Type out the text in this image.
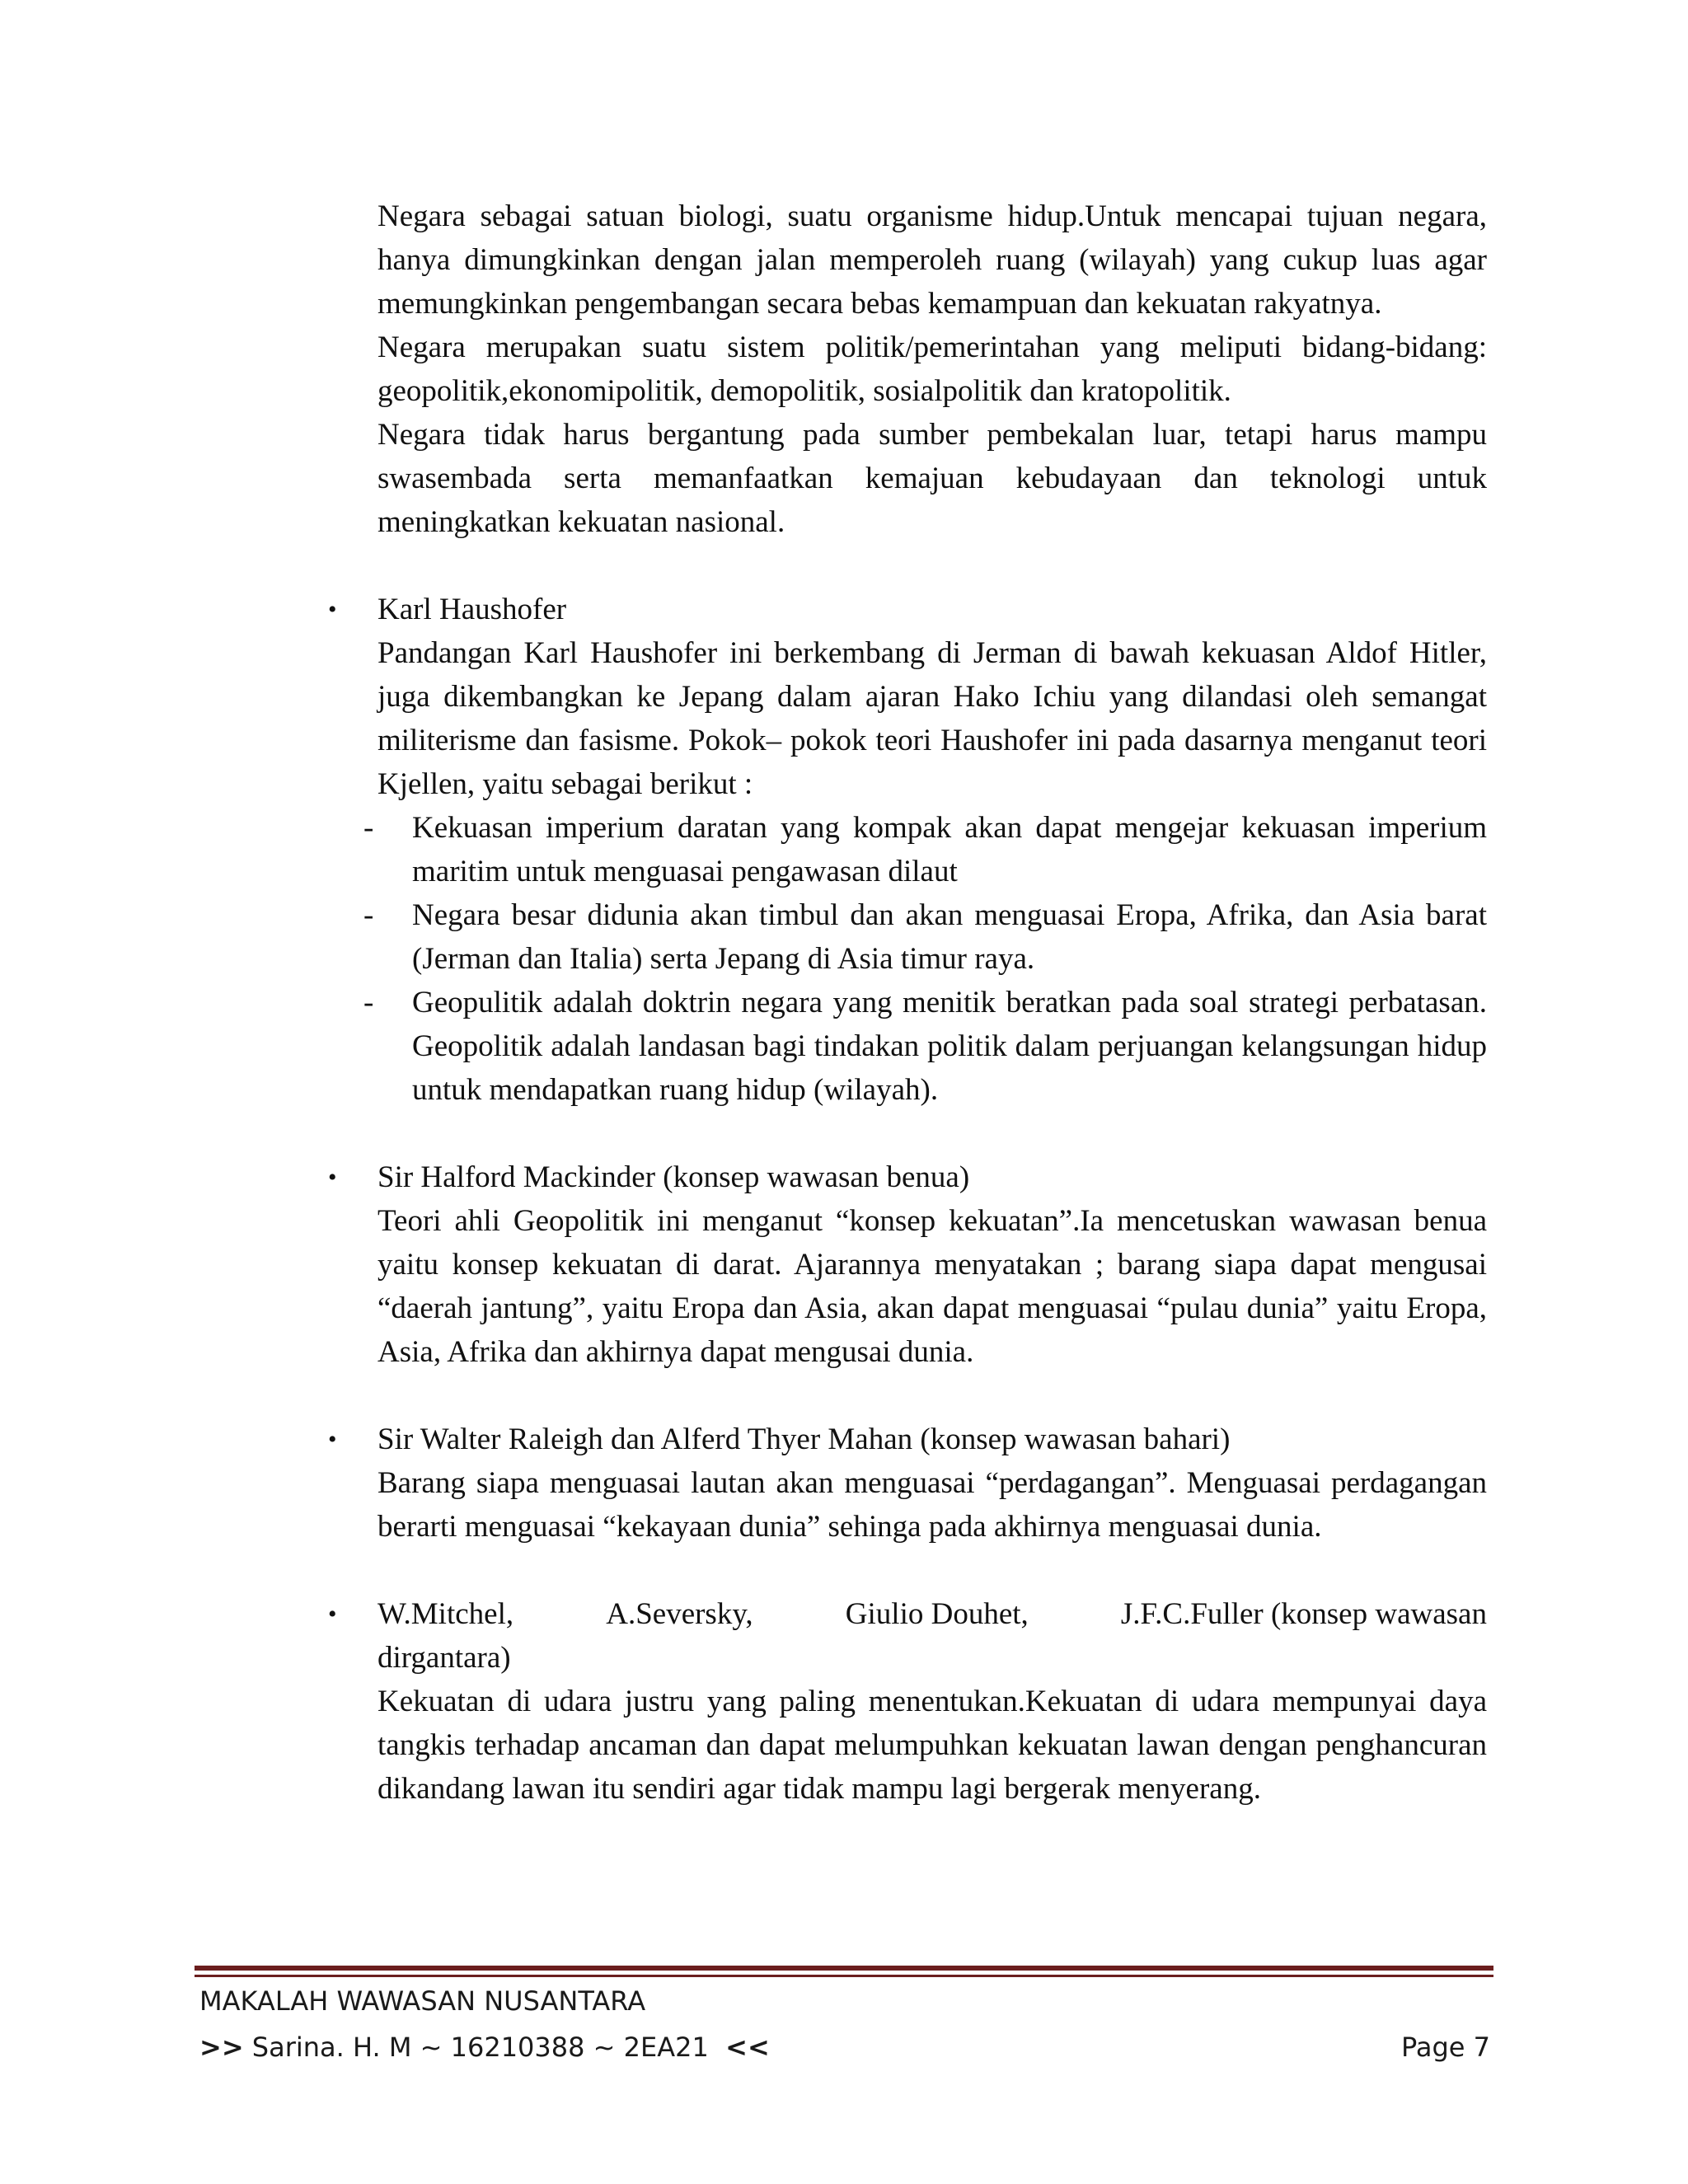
Negara sebagai satuan biologi, suatu organisme hidup.Untuk mencapai tujuan negara, hanya dimungkinkan dengan jalan memperoleh ruang (wilayah) yang cukup luas agar memungkinkan pengembangan secara bebas kemampuan dan kekuatan rakyatnya.

Negara merupakan suatu sistem politik/pemerintahan yang meliputi bidang-bidang: geopolitik,ekonomipolitik, demopolitik, sosialpolitik dan kratopolitik.

Negara tidak harus bergantung pada sumber pembekalan luar, tetapi harus mampu swasembada serta memanfaatkan kemajuan kebudayaan dan teknologi untuk meningkatkan kekuatan nasional.

• Karl Haushofer

Pandangan Karl Haushofer ini berkembang di Jerman di bawah kekuasan Aldof Hitler, juga dikembangkan ke Jepang dalam ajaran Hako Ichiu yang dilandasi oleh semangat militerisme dan fasisme. Pokok– pokok teori Haushofer ini pada dasarnya menganut teori Kjellen, yaitu sebagai berikut :

- Kekuasan imperium daratan yang kompak akan dapat mengejar kekuasan imperium maritim untuk menguasai pengawasan dilaut
- Negara besar didunia akan timbul dan akan menguasai Eropa, Afrika, dan Asia barat (Jerman dan Italia) serta Jepang di Asia timur raya.
- Geopulitik adalah doktrin negara yang menitik beratkan pada soal strategi perbatasan. Geopolitik adalah landasan bagi tindakan politik dalam perjuangan kelangsungan hidup untuk mendapatkan ruang hidup (wilayah).
• Sir Halford Mackinder (konsep wawasan benua)

Teori ahli Geopolitik ini menganut “konsep kekuatan”.Ia mencetuskan wawasan benua yaitu konsep kekuatan di darat. Ajarannya menyatakan ; barang siapa dapat mengusai “daerah jantung”, yaitu Eropa dan Asia, akan dapat menguasai “pulau dunia” yaitu Eropa, Asia, Afrika dan akhirnya dapat mengusai dunia.

• Sir Walter Raleigh dan Alferd Thyer Mahan (konsep wawasan bahari)

Barang siapa menguasai lautan akan menguasai “perdagangan”. Menguasai perdagangan berarti menguasai “kekayaan dunia” sehinga pada akhirnya menguasai dunia.

• W.Mitchel,	A.Seversky,	Giulio Douhet,	J.F.C.Fuller (konsep wawasan

dirgantara)

Kekuatan di udara justru yang paling menentukan.Kekuatan di udara mempunyai daya tangkis terhadap ancaman dan dapat melumpuhkan kekuatan lawan dengan penghancuran dikandang lawan itu sendiri agar tidak mampu lagi bergerak menyerang.

MAKALAH WAWASAN NUSANTARA
>> Sarina. H. M ~ 16210388 ~ 2EA21 <<	Page 7
